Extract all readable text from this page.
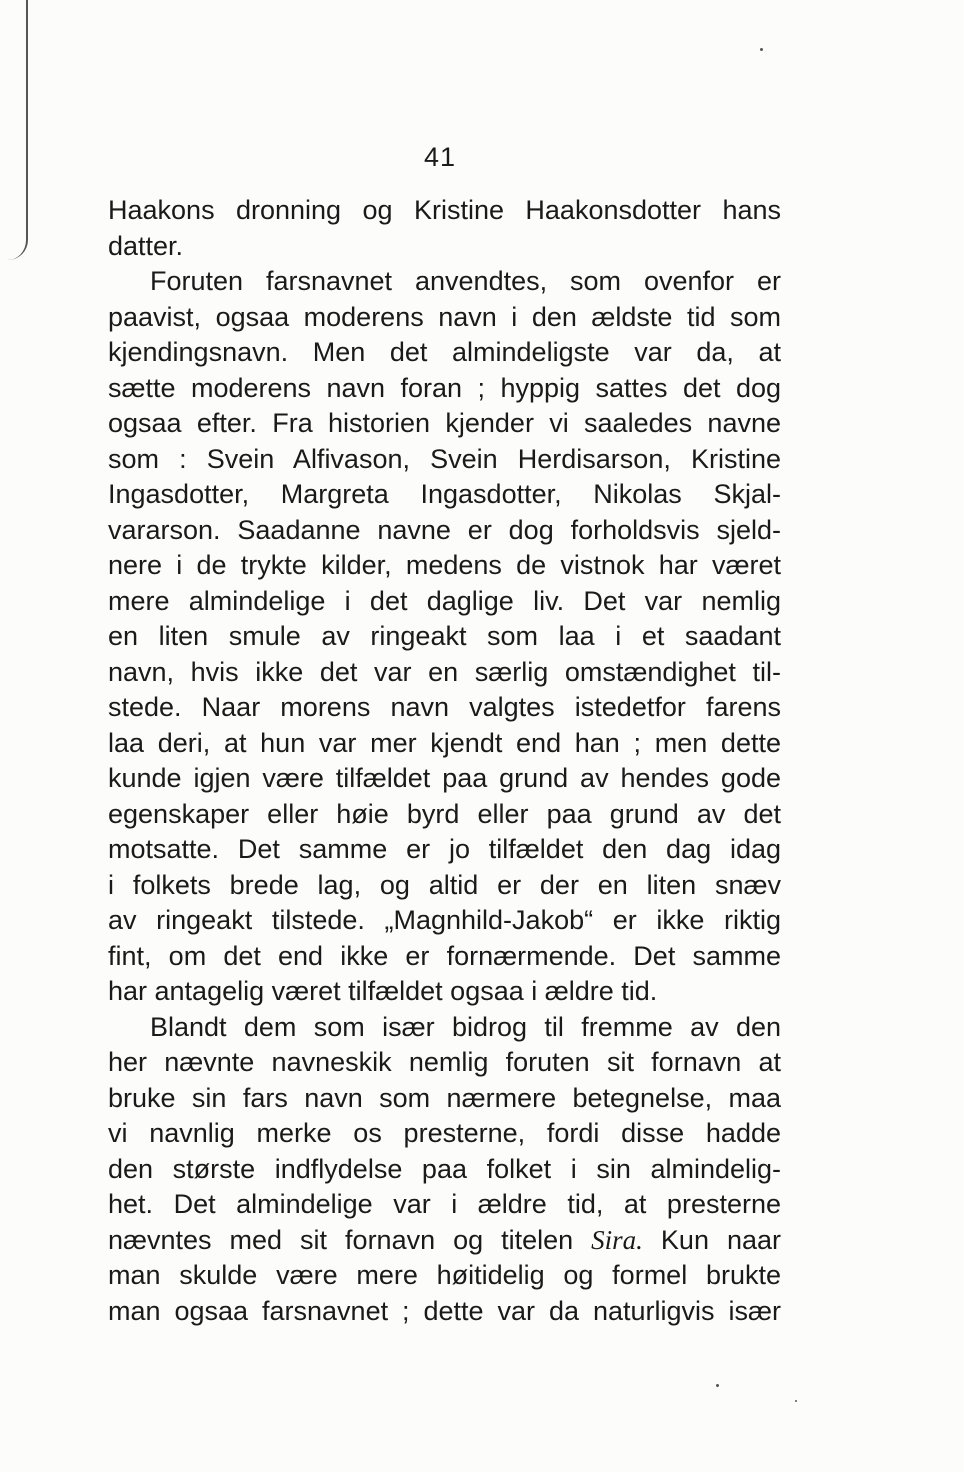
41
Haakons dronning og Kristine Haakonsdotter hans
datter.
Foruten farsnavnet anvendtes, som ovenfor er
paavist, ogsaa moderens navn i den ældste tid som
kjendingsnavn. Men det almindeligste var da, at
sætte moderens navn foran ; hyppig sattes det dog
ogsaa efter. Fra historien kjender vi saaledes navne
som : Svein Alfivason, Svein Herdisarson, Kristine
Ingasdotter, Margreta Ingasdotter, Nikolas Skjal-
vararson. Saadanne navne er dog forholdsvis sjeld-
nere i de trykte kilder, medens de vistnok har været
mere almindelige i det daglige liv. Det var nemlig
en liten smule av ringeakt som laa i et saadant
navn, hvis ikke det var en særlig omstændighet til-
stede. Naar morens navn valgtes istedetfor farens
laa deri, at hun var mer kjendt end han ; men dette
kunde igjen være tilfældet paa grund av hendes gode
egenskaper eller høie byrd eller paa grund av det
motsatte. Det samme er jo tilfældet den dag idag
i folkets brede lag, og altid er der en liten snæv
av ringeakt tilstede. „Magnhild-Jakob“ er ikke riktig
fint, om det end ikke er fornærmende. Det samme
har antagelig været tilfældet ogsaa i ældre tid.
Blandt dem som især bidrog til fremme av den
her nævnte navneskik nemlig foruten sit fornavn at
bruke sin fars navn som nærmere betegnelse, maa
vi navnlig merke os presterne, fordi disse hadde
den største indflydelse paa folket i sin almindelig-
het. Det almindelige var i ældre tid, at presterne
nævntes med sit fornavn og titelen Sira. Kun naar
man skulde være mere høitidelig og formel brukte
man ogsaa farsnavnet ; dette var da naturligvis især
